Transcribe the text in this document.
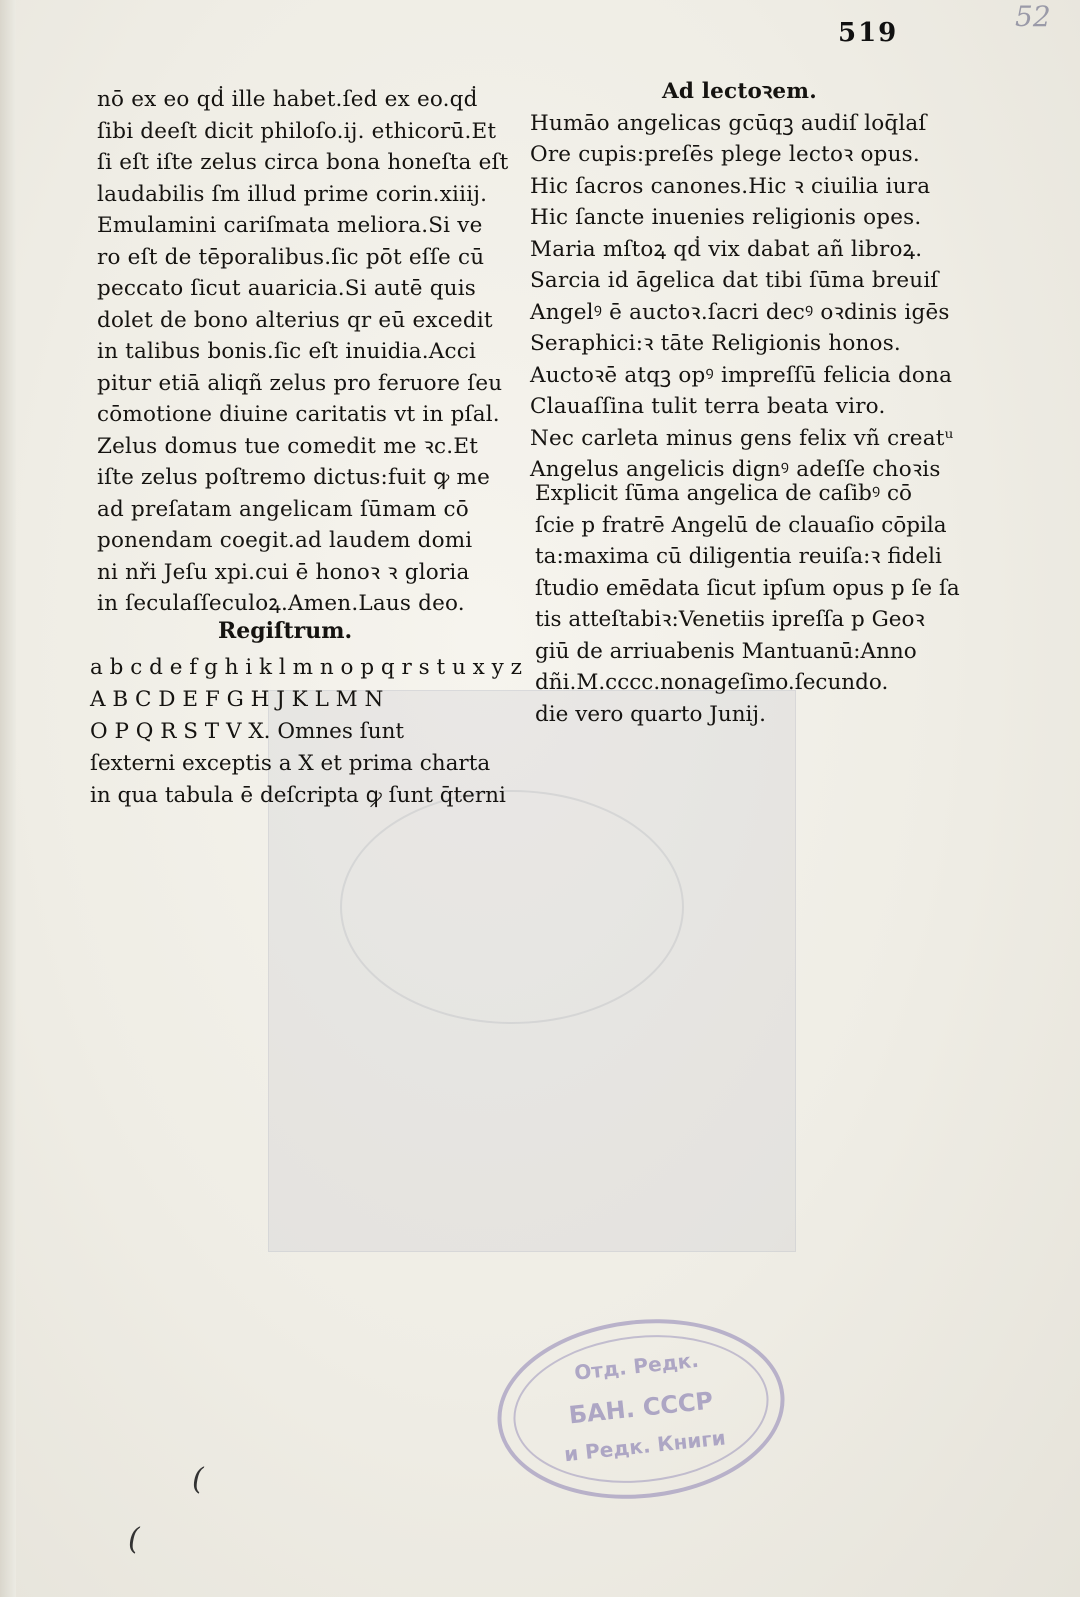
519	52
nō ex eo qḋ ille habet.ſed ex eo.qḋ
ſibi deeſt dicit philoſo.ij. ethicorū.Et
ſi eſt iſte zelus circa bona honeſta eſt
laudabilis ſm illud prime corin.xiiij.
Emulamini cariſmata meliora.Si ve
ro eſt de tēporalibus.ſic pōt eſſe cū
peccato ſicut auaricia.Si autē quis
dolet de bono alterius qr eū excedit
in talibus bonis.ſic eſt inuidia.Acci
pitur etiā aliqñ zelus pro feruore ſeu
cōmotione diuine caritatis vt in pſal.
Zelus domus tue comedit me ꝛc.Et
iſte zelus poſtremo dictus:fuit ꝙ me
ad preſatam angelicam ſūmam cō
ponendam coegit.ad laudem domi
ni nři Jeſu xpi.cui ē honoꝛ ꝛ gloria
in ſeculaſſeculoꝝ.Amen.Laus deo.
Regiſtrum.
a b c d e f g h i k l m n o p q r s t u x y z
A B C D E F G H J K L M N
O P Q R S T V X. Omnes ſunt
ſexterni exceptis a X et prima charta
in qua tabula ē deſcripta ꝙ ſunt q̄terni
Ad lectoꝛem.
Humāo angelicas gcūqꝫ audiſ loq̄laſ
Ore cupis:preſēs plege lectoꝛ opus.
Hic ſacros canones.Hic ꝛ ciuilia iura
Hic ſancte inuenies religionis opes.
Maria mſtoꝝ qḋ vix dabat añ libroꝝ.
Sarcia id āgelica dat tibi ſūma breuiſ
Angelꝰ ē auctoꝛ.ſacri decꝰ oꝛdinis igēs
Seraphici:ꝛ tāte Religionis honos.
Auctoꝛē atqꝫ opꝰ impreſſū felicia dona
Clauaſſina tulit terra beata viro.
Nec carleta minus gens felix vñ creatᵘ
Angelus angelicis dignꝰ adeſſe choꝛis
Explicit ſūma angelica de caſibꝰ cō
ſcie p fratrē Angelū de clauaſio cōpila
ta:maxima cū diligentia reuiſa:ꝛ fideli
ſtudio emēdata ſicut ipſum opus p ſe ſa
tis atteſtabiꝛ:Venetiis ipreſſa p Geoꝛ
giū de arriuabenis Mantuanū:Anno
dñi.M.cccc.nonageſimo.ſecundo.
die vero quarto Junij.
Отд. Редк.
БАН. СССР
и Редк. Книги
(
(
